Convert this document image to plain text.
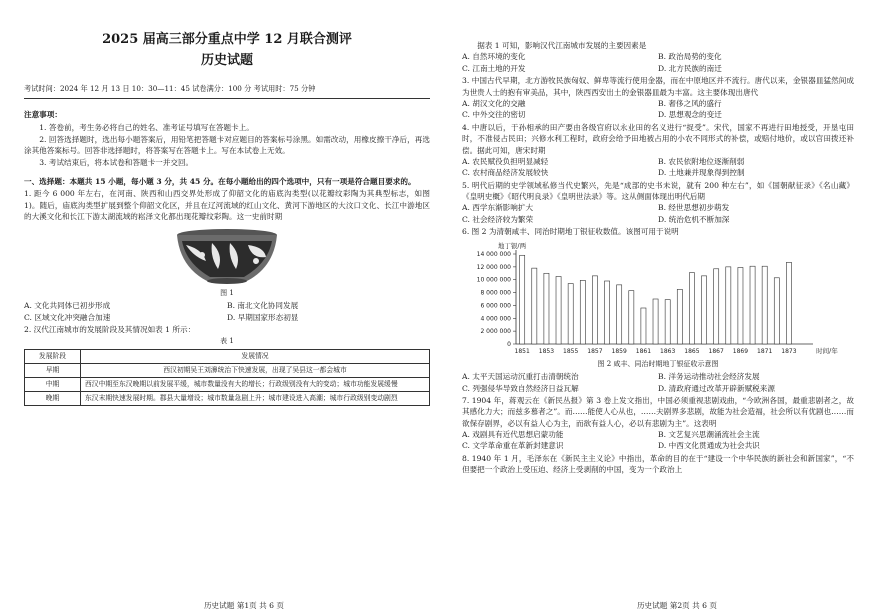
2025 届高三部分重点中学 12 月联合测评
历史试题
考试时间：2024 年 12 月 13 日 10：30—11：45 试卷满分：100 分 考试用时：75 分钟
注意事项：

1. 答卷前，考生务必将自己的姓名、准考证号填写在答题卡上。

2. 回答选择题时，选出每小题答案后，用铅笔把答题卡对应题目的答案标号涂黑。如需改动，用橡皮擦干净后，再选涂其他答案标号。回答非选择题时，将答案写在答题卡上。写在本试卷上无效。

3. 考试结束后，将本试卷和答题卡一并交回。

一、选择题：本题共 15 小题，每小题 3 分，共 45 分。在每小题给出的四个选项中，只有一项是符合题目要求的。

1. 距今 6 000 年左右，在河南、陕西和山西交界处形成了仰韶文化的庙底沟类型(以花瓣纹彩陶为其典型标志，如图 1)。随后，庙底沟类型扩展到整个仰韶文化区，并且在辽河流域的红山文化、黄河下游地区的大汶口文化、长江中游地区的大溪文化和长江下游太湖流域的崧泽文化都出现花瓣纹彩陶。这一史前时期

图 1
A. 文化共同体已初步形成	B. 南北文化协同发展
C. 区域文化冲突融合加速	D. 早期国家形态初显

2. 汉代江南城市的发展阶段及其情况如表 1 所示：

表 1
发展阶段	发展情况
早期	西汉初期吴王刘濞统治下快速发展，出现了吴县这一都会城市
中期	西汉中期至东汉晚期以前发展平缓，城市数量没有大的增长；行政级别没有大的变动；城市功能发展缓慢
晚期	东汉末期快速发展时期。郡县大量增设；城市数量急剧上升；城市建设进入高潮；城市行政级别变动剧烈
历史试题 第1页 共 6 页

据表 1 可知，影响汉代江南城市发展的主要因素是

A. 自然环境的变化	B. 政治局势的变化
C. 江南土地的开发	D. 北方民族的南迁

3. 中国古代早期，北方游牧民族匈奴、鲜卑等流行使用金器，而在中原地区并不流行。唐代以来，金银器皿猛然间成为世贵人士的抱有审美品，其中，陕西西安出土的金银器皿最为丰富。这主要体现出唐代

A. 胡汉文化的交融	B. 奢侈之风的盛行
C. 中外交往的密切	D. 思想观念的变迁

4. 中唐以后，于孙相承的田产要由各级官府以永业田的名义进行“捉受”。宋代，国家不再进行田地授受，开垦屯田时，不准侵占民田；兴修水利工程时，政府会给予田地被占用的小农不同形式的补偿，或赔付地价，或以官田拨还补偿。据此可知，唐宋时期

A. 农民赋役负担明显减轻	B. 农民依附地位逐渐削弱
C. 农村商品经济发展较快	D. 土地兼并现象得到控制

5. 明代后期的史学领域私修当代史繁兴，先是“成部的史书未说，就有 200 种左右”，如《国朝献征录》《名山藏》《皇明史概》《昭代明良录》《皇明世法录》等。这从侧面体现出明代后期

A. 西学东渐影响扩大	B. 经世思想初步萌发
C. 社会经济较为繁荣	D. 统治危机不断加深

6. 图 2 为清朝咸丰、同治时期地丁银征收数值。该图可用于说明

地丁银/两
0
2 000 000
4 000 000
6 000 000
8 000 000
10 000 000
12 000 000
14 000 000
1851 1853 1855 1857 1859 1861 1863 1865 1867 1869 1871 1873	时间/年
图 2 咸丰、同治时期地丁银征收示意图
A. 太平天国运动沉重打击清朝统治	B. 洋务运动推动社会经济发展
C. 列强侵华导致自然经济日益瓦解	D. 清政府通过改革开辟新赋税来源

7. 1904 年，蒋观云在《新民丛报》第 3 卷上发文指出，中国必须重视悲剧戏曲，“今欧洲各国，最重悲剧者之，故其感化力大；而兹多慕者之”。而……能使人心从也，……夫剧界多悲剧，故能为社会造福，社会所以有优剧也……而欲保存剧界，必以有益人心为主，而欲有益人心，必以有悲剧为主”。这表明

A. 戏剧具有近代思想启蒙功能	B. 文艺复兴思潮涌流社会主流
C. 文学革命重在革新封建意识	D. 中西文化贯通成为社会共识

8. 1940 年 1 月，毛泽东在《新民主主义论》中指出，革命的目的在于“建设一个中华民族的新社会和新国家”，“不但要把一个政治上受压迫、经济上受剥削的中国，变为一个政治上

历史试题 第2页 共 6 页
